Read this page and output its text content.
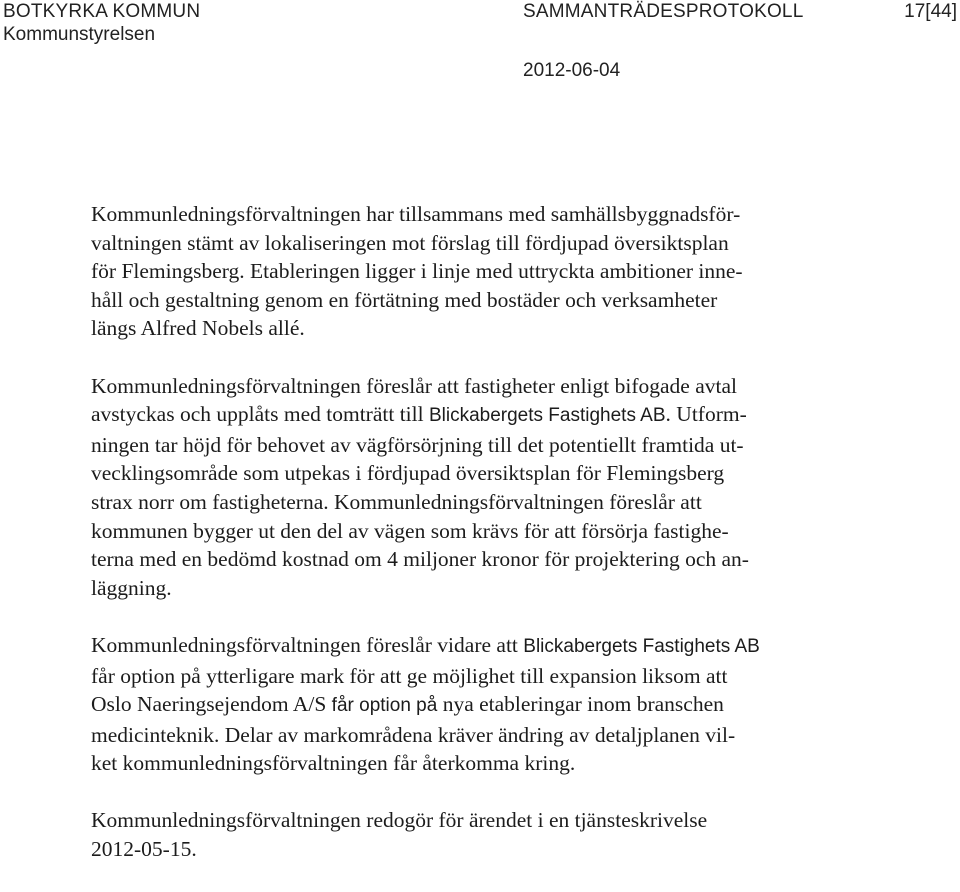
BOTKYRKA KOMMUN
Kommunstyrelsen
SAMMANTRÄDESPROTOKOLL	17[44]
2012-06-04

Kommunledningsförvaltningen har tillsammans med samhällsbyggnadsför-
valtningen stämt av lokaliseringen mot förslag till fördjupad översiktsplan
för Flemingsberg. Etableringen ligger i linje med uttryckta ambitioner inne-
håll och gestaltning genom en förtätning med bostäder och verksamheter
längs Alfred Nobels allé.

Kommunledningsförvaltningen föreslår att fastigheter enligt bifogade avtal
avstyckas och upplåts med tomträtt till Blickabergets Fastighets AB. Utform-
ningen tar höjd för behovet av vägförsörjning till det potentiellt framtida ut-
vecklingsområde som utpekas i fördjupad översiktsplan för Flemingsberg
strax norr om fastigheterna. Kommunledningsförvaltningen föreslår att
kommunen bygger ut den del av vägen som krävs för att försörja fastighe-
terna med en bedömd kostnad om 4 miljoner kronor för projektering och an-
läggning.

Kommunledningsförvaltningen föreslår vidare att Blickabergets Fastighets AB
får option på ytterligare mark för att ge möjlighet till expansion liksom att
Oslo Naeringsejendom A/S får option på nya etableringar inom branschen
medicinteknik. Delar av markområdena kräver ändring av detaljplanen vil-
ket kommunledningsförvaltningen får återkomma kring.

Kommunledningsförvaltningen redogör för ärendet i en tjänsteskrivelse
2012-05-15.
